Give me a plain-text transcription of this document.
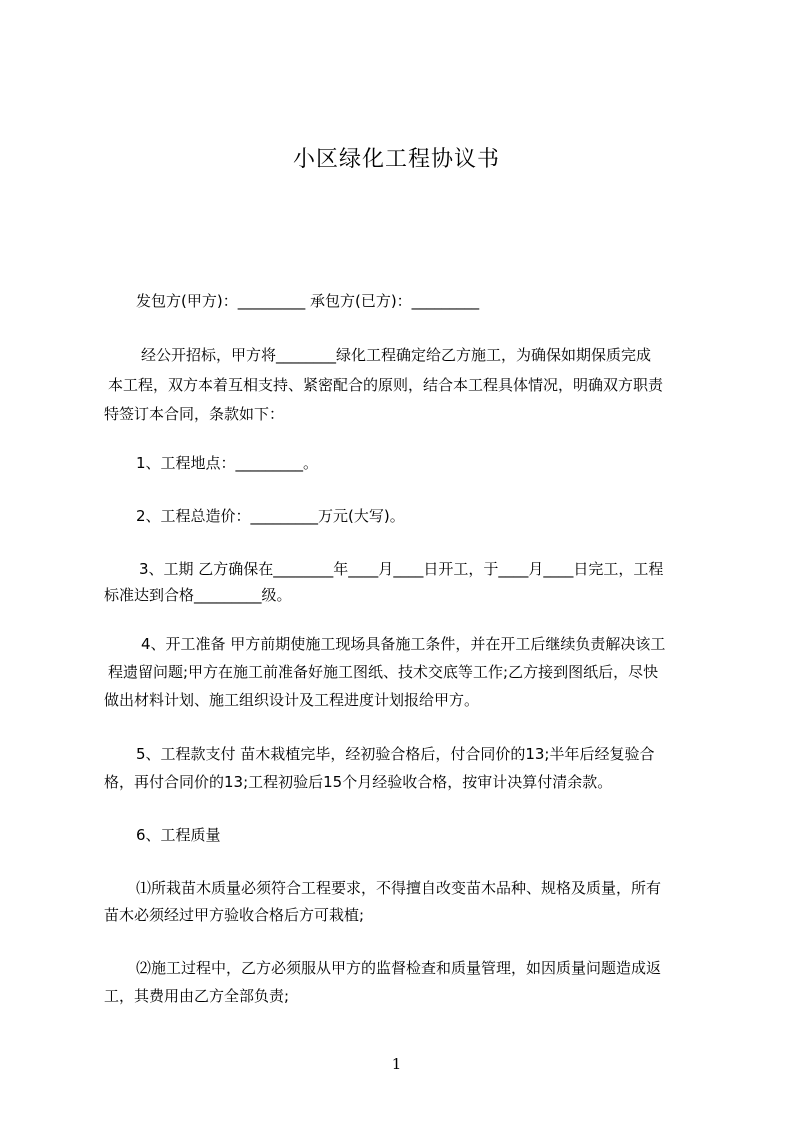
小区绿化工程协议书
发包方(甲方)：_________ 承包方(已方)：_________
经公开招标，甲方将________绿化工程确定给乙方施工，为确保如期保质完成
本工程，双方本着互相支持、紧密配合的原则，结合本工程具体情况，明确双方职责
特签订本合同，条款如下：
1、工程地点：_________。
2、工程总造价：_________万元(大写)。
3、工期 乙方确保在________年____月____日开工，于____月____日完工，工程
标准达到合格_________级。
4、开工准备 甲方前期使施工现场具备施工条件，并在开工后继续负责解决该工
程遗留问题;甲方在施工前准备好施工图纸、技术交底等工作;乙方接到图纸后，尽快
做出材料计划、施工组织设计及工程进度计划报给甲方。
5、工程款支付 苗木栽植完毕，经初验合格后，付合同价的13;半年后经复验合
格，再付合同价的13;工程初验后15个月经验收合格，按审计决算付清余款。
6、工程质量
⑴所栽苗木质量必须符合工程要求，不得擅自改变苗木品种、规格及质量，所有
苗木必须经过甲方验收合格后方可栽植;
⑵施工过程中，乙方必须服从甲方的监督检查和质量管理，如因质量问题造成返
工，其费用由乙方全部负责;
1
